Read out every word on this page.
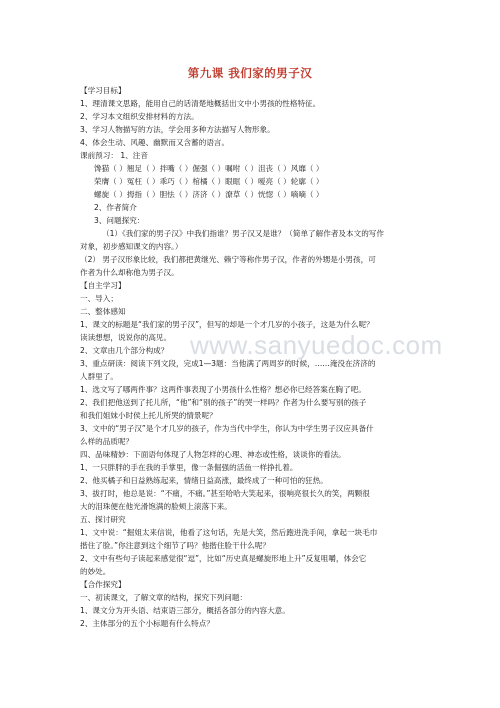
第九课 我们家的男子汉
www.sanyuedoc.com
【学习目标】
1、理清课文思路，能用自己的话清楚地概括出文中小男孩的性格特征。
2、学习本文组织安排材料的方法。
3、学习人物描写的方法，学会用多种方法描写人物形象。
4、体会生动、风趣、幽默而又含蓄的语言。
课前预习： 1、注音
馋猫（ ）翘足（ ）拌嘴（ ）倔强（ ）嘱咐（ ）沮丧（ ）风靡（ ）
荣膺（ ）冤枉（ ）乖巧（ ）棺橘（ ）眼眶（ ）嗳亮（ ）轮廓（ ）
螺旋（ ）拇指（ ）胆怯（ ）济济（ ）潦草（ ）恍惚（ ）嘀嘀（ ）
2、作者简介
3、问题探究：
（1）《我们家的男子汉》中我们指谁？男子汉又是谁？（简单了解作者及本文的写作
对象，初步感知课文的内容。）
（2） 男子汉形象比较，我们都把黄继光、赖宁等称作男子汉，作者的外甥是小男孩，可
作者为什么却称他为男子汉。
【自主学习】
一、导入；
二、整体感知
1、课文的标题是“我们家的男子汉”，但写的却是一个才几岁的小孩子，这是为什么呢？
读读想想，说说你的高见。
2、文章由几个部分构成？
3、重点研读：阅读下列文段，完成1—3题：当他满了两周岁的时候，……淹没在济济的
人群里了。
1、选文写了哪两件事？这两件事表现了小男孩什么性格？想必你已经答案在胸了吧。
2、我们把他送到了托儿所，“他”和“别的孩子”的哭一样吗？作者为什么要写别的孩子
和我们姐妹小时侯上托儿所哭的情景呢？
3、文中的“男子汉”是个才几岁的孩子，作为当代中学生，你认为中学生男子汉应具备什
么样的品质呢？
四、品味精妙：下面语句体现了人物怎样的心理、神态或性格，谈谈你的看法。
1、一只胖胖的手在我的手掌里，像一条倔强的活鱼一样挣扎着。
2、他买橘子和日益熟练起来，情绪日益高涨，最终成了一种可怕的狂热。
3、拔打时，他总是说：“不痛，不痛。”甚至哈哈大笑起来，很响亮很长久的笑，两颗很
大的泪珠便在他光滑饱满的脸颊上滚落下来。
五、探讨研究
1、文中说：“掘姐太来信说，他看了这句话，先是大笑，然后跑进洗手间，拿起一块毛巾
揩住了脸。”你注意到这个细节了吗？他揩住脸干什么呢？
2、文中有些句子读起来感觉很“逗”，比如“历史真是螺旋形地上升”反复咀嚼，体会它
的妙处。
【合作探究】
一、初读课文，了解文章的结构，探究下列问题：
1、课文分为开头语、结束语三部分，概括各部分的内容大意。
2、主体部分的五个小标题有什么特点？
